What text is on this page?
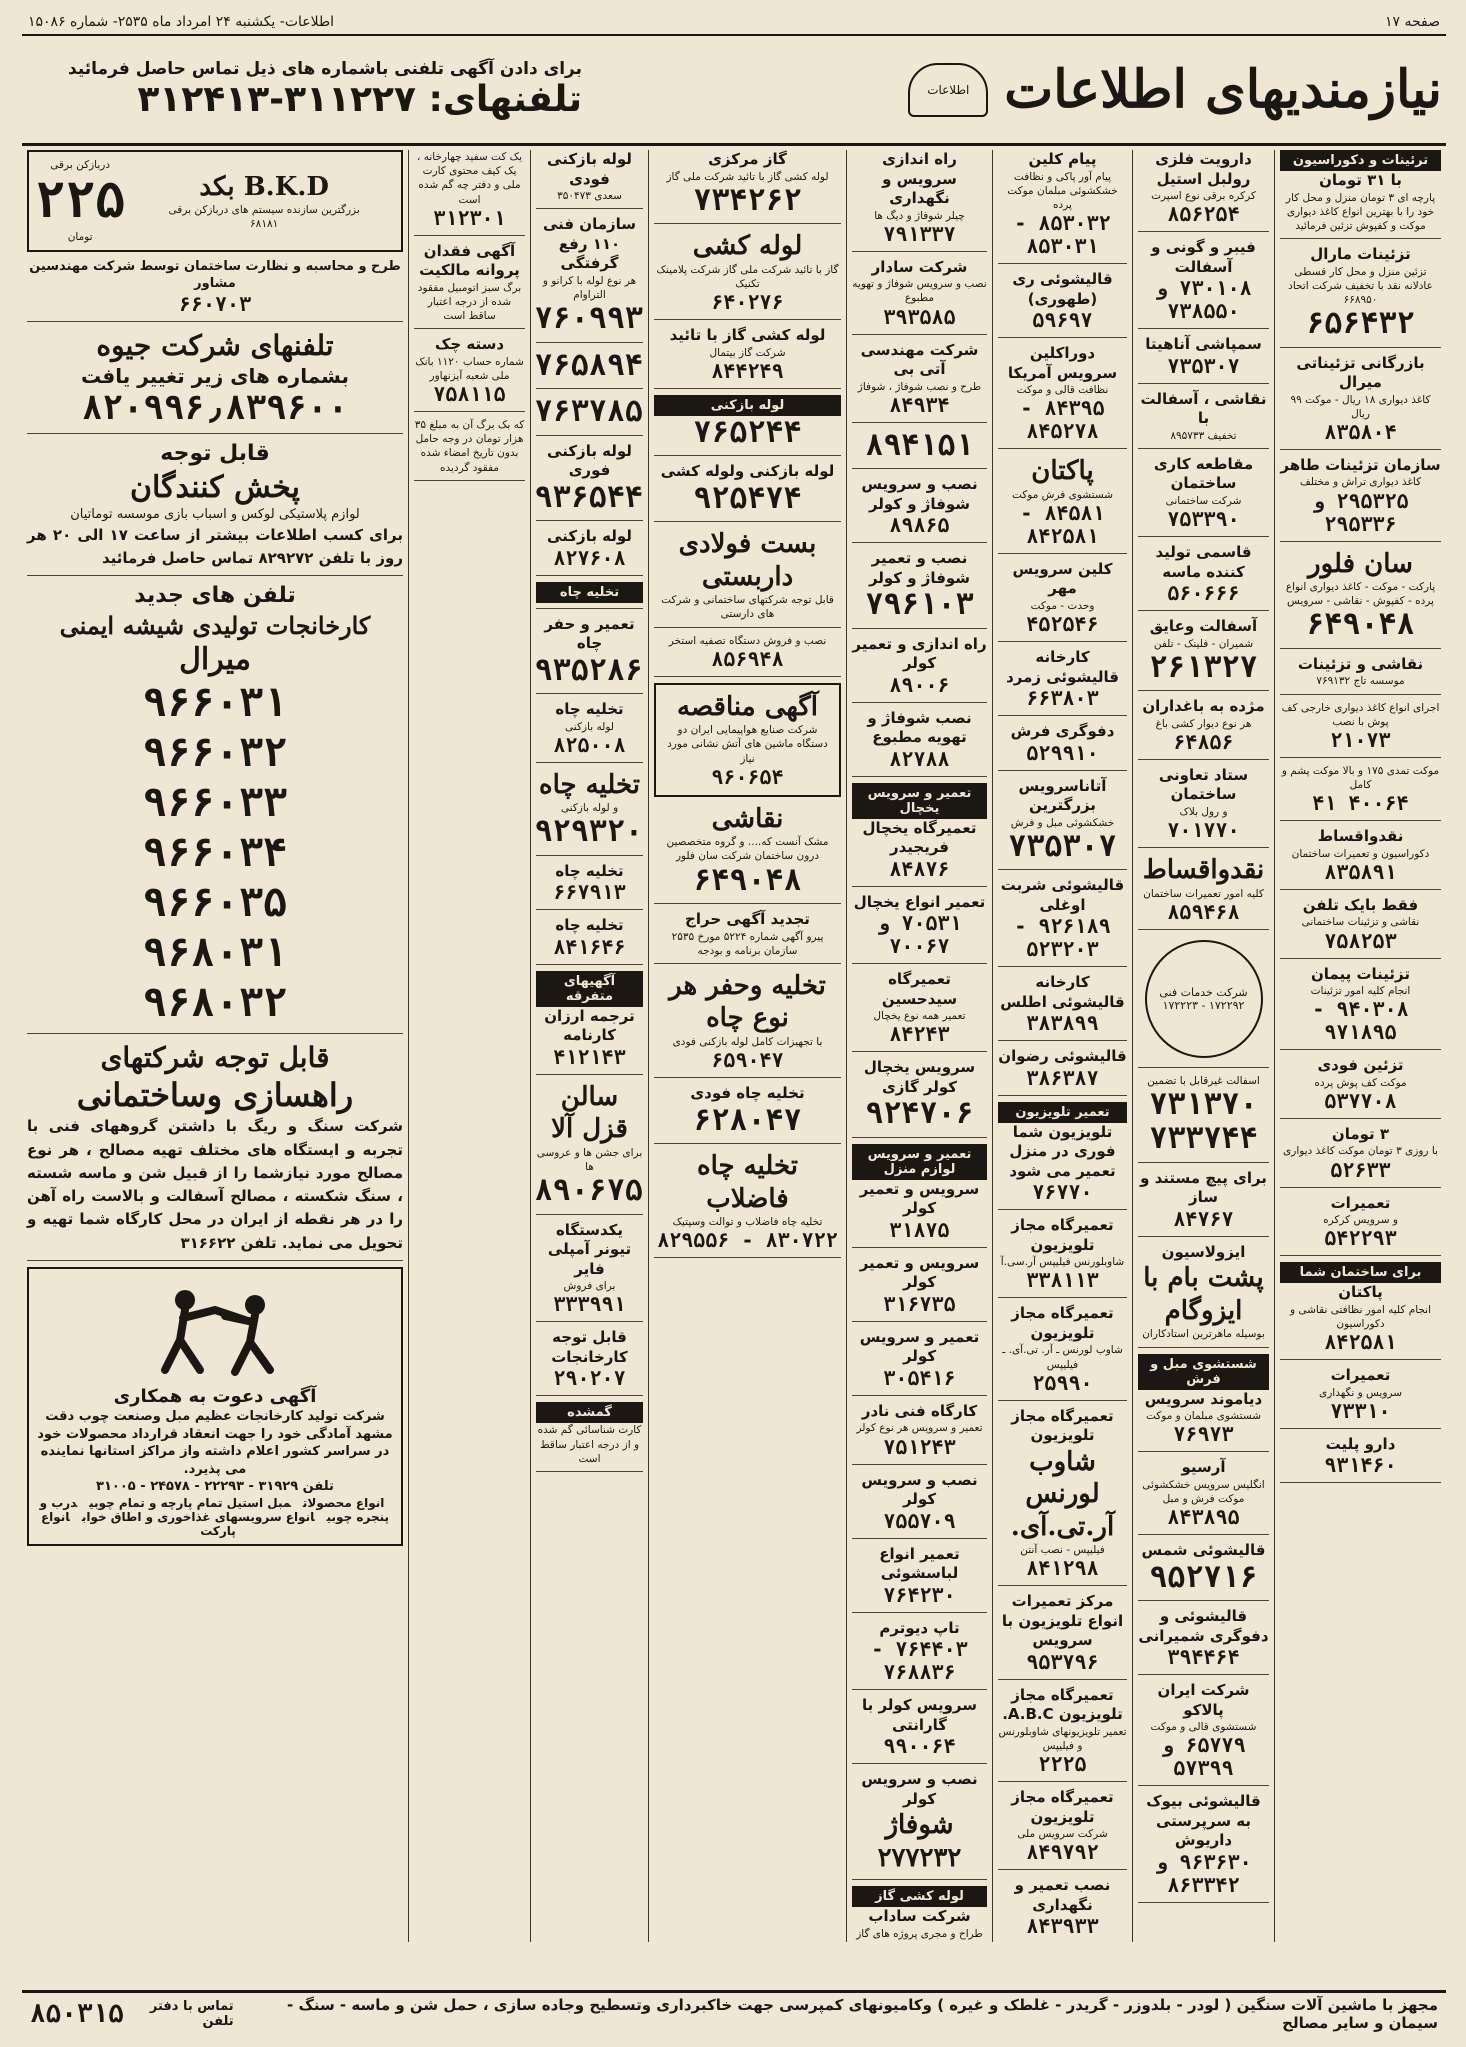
صفحه ۱۷
اطلاعات- یکشنبه ۲۴ امرداد ماه ۲۵۳۵- شماره ۱۵۰۸۶
نیازمندیهای اطلاعات
اطلاعات
برای دادن آگهی تلفنی باشماره های ذیل تماس حاصل فرمائید
تلفنهای: ۳۱۱۲۲۷-۳۱۲۴۱۳
ترئینات و دکوراسیون
با ۳۱ تومان
پارچه ای ۳ تومان منزل و محل کار خود را با بهترین انواع کاغذ دیواری موکت و کفپوش تزئین فرمائید
تزئینات مارال
تزئین منزل و محل کار قسطی عادلانه نقد با تخفیف شرکت اتحاد ۶۶۸۹۵۰
۶۵۶۴۳۲
بازرگانی تزئیناتی میرال
کاغذ دیواری ۱۸ ریال - موکت ۹۹ ریال
۸۳۵۸۰۴
سازمان تزئینات طاهر
کاغذ دیواری تراش و مختلف
۲۹۵۳۲۵ و ۲۹۵۳۳۶
سان فلور
پارکت - موکت - کاغذ دیواری انواع پرده - کفپوش - نقاشی - سرویس
۶۴۹۰۴۸
نقاشی و تزئینات
موسسه تاج ۷۶۹۱۳۲
اجرای انواع کاغذ دیواری خارجی کف پوش با نصب
۲۱۰۷۳
موکت تمدی ۱۷۵ و بالا موکت پشم و کامل
۴۰۰۶۴ ۴۱
نقدواقساط
دکوراسیون و تعمیرات ساختمان
۸۳۵۸۹۱
فقط بایک تلفن
نقاشی و تزئینات ساختمانی
۷۵۸۲۵۳
تزئینات پیمان
انجام کلیه امور تزئینات
۹۴۰۳۰۸ - ۹۷۱۸۹۵
تزئین فودی
موکت کف پوش پرده
۵۳۷۷۰۸
۳ تومان
با روزی ۳ تومان موکت کاغذ دیواری
۵۲۶۳۳
تعمیرات
و سرویس کرکره
۵۴۲۲۹۳
برای ساختمان شما
پاکتان
انجام کلیه امور نظافتی نقاشی و دکوراسیون
۸۴۲۵۸۱
تعمیرات
سرویس و نگهداری
۷۳۳۱۰
دارو پلیت
۹۳۱۴۶۰
دارویت فلزی رولبل استیل
کرکره برقی نوع اسپرت
۸۵۶۲۵۴
فیبر و گونی و آسفالت
۷۳۰۱۰۸ و ۷۳۸۵۵۰
سمپاشی آناهیتا
۷۳۵۳۰۷
نقاشی ، آسفالت با
تخفیف ۸۹۵۷۳۳
مقاطعه کاری ساختمان
شرکت ساختمانی
۷۵۳۳۹۰
قاسمی تولید کننده ماسه
۵۶۰۶۶۶
آسفالت وعایق
شمیران - فلینک - تلفن
۲۶۱۳۲۷
مژده به باغداران
هر نوع دیوار کشی باغ
۶۴۸۵۶
ستاد تعاونی ساختمان
و رول بلاک
۷۰۱۷۷۰
نقدواقساط
کلیه امور تعمیرات ساختمان
۸۵۹۴۶۸
شرکت خدمات فنی ۱۷۲۲۹۲ - ۱۷۲۲۲۳
اسفالت غیرقابل با تضمین
۷۳۱۳۷۰
۷۳۳۷۴۴
برای پیچ مستند و ساز
۸۴۷۶۷
ایزولاسیون
پشت بام با ایزوگام
بوسیله ماهرترین استادکاران
شستشوی مبل و فرش
دیاموند سرویس
شستشوی مبلمان و موکت
۷۶۹۷۳
آرسیو
انگلیس سرویس خشکشوئی موکت فرش و مبل
۸۴۳۸۹۵
قالیشوئی شمس
۹۵۲۷۱۶
قالیشوئی و دفوگری شمیرانی
۳۹۴۴۶۴
شرکت ایران پالاکو
شستشوی قالی و موکت
۶۵۷۷۹ و ۵۷۳۹۹
قالیشوئی بیوک به سرپرستی داریوش
۹۶۳۶۳۰ و ۸۶۳۳۴۲
پیام کلین
پیام آور پاکی و نظافت خشکشوئی مبلمان موکت پرده
۸۵۳۰۳۲ - ۸۵۳۰۳۱
قالیشوئی ری (طهوری)
۵۹۶۹۷
دوراکلین سرویس آمریکا
نظافت قالی و موکت
۸۴۳۹۵ - ۸۴۵۲۷۸
پاکتان
شستشوی فرش موکت
۸۴۵۸۱ - ۸۴۲۵۸۱
کلین سرویس مهر
وحدت - موکت
۴۵۲۵۴۶
کارخانه قالیشوئی زمرد
۶۶۳۸۰۳
دفوگری فرش
۵۲۹۹۱۰
آتاناسرویس بزرگترین
خشکشوئی مبل و فرش
۷۳۵۳۰۷
قالیشوئی شربت اوغلی
۹۲۶۱۸۹ - ۵۲۳۲۰۳
کارخانه قالیشوئی اطلس
۳۸۳۸۹۹
قالیشوئی رضوان
۳۸۶۳۸۷
تعمیر تلویزیون
تلویزیون شما فوری در منزل تعمیر می شود
۷۶۷۷۰
تعمیرگاه مجاز تلویزیون
شاوبلورنس فیلیپس آر.سی.آ
۳۳۸۱۱۳
تعمیرگاه مجاز تلویزیون
شاوب لورنس ـ آر. تی.آی. ـ فیلیپس
۲۵۹۹۰
تعمیرگاه مجاز تلویزیون
شاوب لورنس آر.تی.آی.
فیلیپس - نصب آنتن
۸۴۱۲۹۸
مرکز تعمیرات انواع تلویزیون با سرویس
۹۵۳۷۹۶
تعمیرگاه مجاز تلویزیون A.B.C.
تعمیر تلویزیونهای شاوبلورنس و فیلیپس
۲۲۲۵
تعمیرگاه مجاز تلویزیون
شرکت سرویس ملی
۸۴۹۷۹۲
نصب تعمیر و نگهداری
۸۴۳۹۳۳
راه اندازی سرویس و نگهداری
چیلر شوفاژ و دیگ ها
۷۹۱۳۳۷
شرکت سادار
نصب و سرویس شوفاژ و تهویه مطبوع
۳۹۳۵۸۵
شرکت مهندسی آتی بی
طرح و نصب شوفاژ ، شوفاژ
۸۴۹۳۴
۸۹۴۱۵۱
نصب و سرویس شوفاژ و کولر
۸۹۸۶۵
نصب و تعمیر شوفاژ و کولر
۷۹۶۱۰۳
راه اندازی و تعمیر کولر
۸۹۰۰۶
نصب شوفاژ و تهویه مطبوع
۸۲۷۸۸
تعمیر و سرویس یخچال
تعمیرگاه یخچال فریجیدر
۸۴۸۷۶
تعمیر انواع یخچال
۷۰۵۳۱ و ۷۰۰۶۷
تعمیرگاه سیدحسین
تعمیر همه نوع یخچال
۸۴۲۴۳
سرویس یخچال کولر گازی
۹۲۴۷۰۶
تعمیر و سرویس لوازم منزل
سرویس و تعمیر کولر
۳۱۸۷۵
سرویس و تعمیر کولر
۳۱۶۷۳۵
تعمیر و سرویس کولر
۳۰۵۴۱۶
کارگاه فنی نادر
تعمیر و سرویس هر نوع کولر
۷۵۱۲۴۳
نصب و سرویس کولر
۷۵۵۷۰۹
تعمیر انواع لباسشوئی
۷۶۴۲۳۰
تاپ دیوترم
۷۶۴۴۰۳ - ۷۶۸۸۳۶
سرویس کولر با گارانتی
۹۹۰۰۶۴
نصب و سرویس کولر
شوفاژ ۲۷۷۲۳۲
لوله کشی گاز
شرکت ساداب
طراح و مجری پروژه های گاز
گاز مرکزی
لوله کشی گاز با تائید شرکت ملی گاز
۷۳۴۲۶۲
لوله کشی
گاز با تائید شرکت ملی گاز شرکت پلامینک تکنیک
۶۴۰۲۷۶
لوله کشی گاز با تائید
شرکت گاز بیتمال
۸۴۴۲۴۹
لوله بازکنی
۷۶۵۲۴۴
لوله بازکنی ولوله کشی
۹۲۵۴۷۴
بست فولادی داربستی
قابل توجه شرکتهای ساختمانی و شرکت های دارستی
نصب و فروش دستگاه تصفیه استخر
۸۵۶۹۴۸
آگهی مناقصه
شرکت صنایع هواپیمایی ایران دو دستگاه ماشین های آتش نشانی مورد نیاز
۹۶۰۶۵۴
نقاشی
مشک آنست که.... و گروه متخصصین درون ساختمان شرکت سان فلور
۶۴۹۰۴۸
تجدید آگهی حراج
پیرو آگهی شماره ۵۲۲۴ مورخ ۲۵۳۵ سازمان برنامه و بودجه
تخلیه وحفر هر نوع چاه
با تجهیزات کامل لوله بازکنی فودی
۶۵۹۰۴۷
تخلیه چاه فودی
۶۲۸۰۴۷
تخلیه چاه فاضلاب
تخلیه چاه فاضلاب و توالت وسپتیک
۸۳۰۷۲۲ - ۸۲۹۵۵۶
لوله بازکنی فودی
سعدی ۳۵۰۴۷۳
سازمان فنی ۱۱۰ رفع گرفتگی
هر نوع لوله با کرانو و التراوام
۷۶۰۹۹۳
۷۶۵۸۹۴
۷۶۳۷۸۵
لوله بازکنی فوری
۹۳۶۵۴۴
لوله بازکنی
۸۲۷۶۰۸
تخلیه چاه
تعمیر و حفر چاه
۹۳۵۲۸۶
تخلیه چاه
لوله بازکنی
۸۲۵۰۰۸
تخلیه چاه
و لوله بازکنی
۹۲۹۳۲۰
تخلیه چاه
۶۶۷۹۱۳
تخلیه چاه
۸۴۱۶۴۶
آگهیهای متفرقه
ترجمه ارزان کارنامه
۴۱۲۱۴۳
سالن قزل آلا
برای جشن ها و عروسی ها
۸۹۰۶۷۵
یکدستگاه تیونر آمپلی فایر
برای فروش
۳۳۳۹۹۱
قابل توجه کارخانجات
۲۹۰۲۰۷
گمشده
کارت شناسائی گم شده و از درجه اعتبار ساقط است
یک کت سفید چهارخانه ، یک کیف محتوی کارت ملی و دفتر چه گم شده است
۳۱۲۳۰۱
آگهی فقدان پروانه مالکیت
برگ سبز اتومبیل مفقود شده از درجه اعتبار ساقط است
دسته چک
شماره حساب ۱۱۲۰ بانک ملی شعبه آیزنهاور
۷۵۸۱۱۵
که بک برگ آن به مبلغ ۳۵ هزار تومان در وجه حامل بدون تاریخ امضاء شده مفقود گردیده
B.K.D بکد
بزرگترین سازنده سیستم های دربازکن برقی
۶۸۱۸۱
دربازکن برقی
۲۲۵
تومان
طرح و محاسبه و نظارت ساختمان توسط شرکت مهندسین مشاور
۶۶۰۷۰۳
تلفنهای شرکت جیوه
بشماره های زیر تغییر یافت
۸۲۰۹۹۶٫۸۳۹۶۰۰
قابل توجه
پخش کنندگان
لوازم پلاستیکی لوکس و اسباب بازی موسسه توماتیان
برای کسب اطلاعات بیشتر از ساعت ۱۷ الی ۲۰ هر روز با تلفن ۸۲۹۲۷۲ تماس حاصل فرمائید
تلفن های جدید
کارخانجات تولیدی شیشه ایمنی
میرال
۹۶۶۰۳۱
۹۶۶۰۳۲
۹۶۶۰۳۳
۹۶۶۰۳۴
۹۶۶۰۳۵
۹۶۸۰۳۱
۹۶۸۰۳۲
قابل توجه شرکتهای
راهسازی وساختمانی
شرکت سنگ و ریگ با داشتن گروههای فنی با تجربه و ایستگاه های مختلف تهیه مصالح ، هر نوع مصالح مورد نیازشما را از قبیل شن و ماسه شسته ، سنگ شکسته ، مصالح آسفالت و بالاست راه آهن را در هر نقطه از ایران در محل کارگاه شما تهیه و تحویل می نماید. تلفن ۳۱۶۶۲۲
آگهی دعوت به همکاری
شرکت تولید کارخانجات عظیم مبل وصنعت چوب دقت مشهد آمادگی خود را جهت انعقاد قرارداد محصولات خود در سراسر کشور اعلام داشته واز مراکز استانها نماینده می پذیرد.
تلفن ۳۱۹۲۹ - ۲۲۲۹۳ - ۲۴۵۷۸ - ۳۱۰۰۵
انواع محصولاتمبل استیل تمام پارچه و تمام چوبیدرب و پنجره چوبیانواع سرویسهای غذاخوری و اطاق خوابانواع پارکت
مجهز با ماشین آلات سنگین ( لودر - بلدوزر - گریدر - غلطک و غیره ) وکامیونهای کمپرسی جهت خاکبرداری وتسطیح وجاده سازی ، حمل شن و ماسه - سنگ - سیمان و سایر مصالح
تماس با دفتر تلفن
۸۵۰۳۱۵
